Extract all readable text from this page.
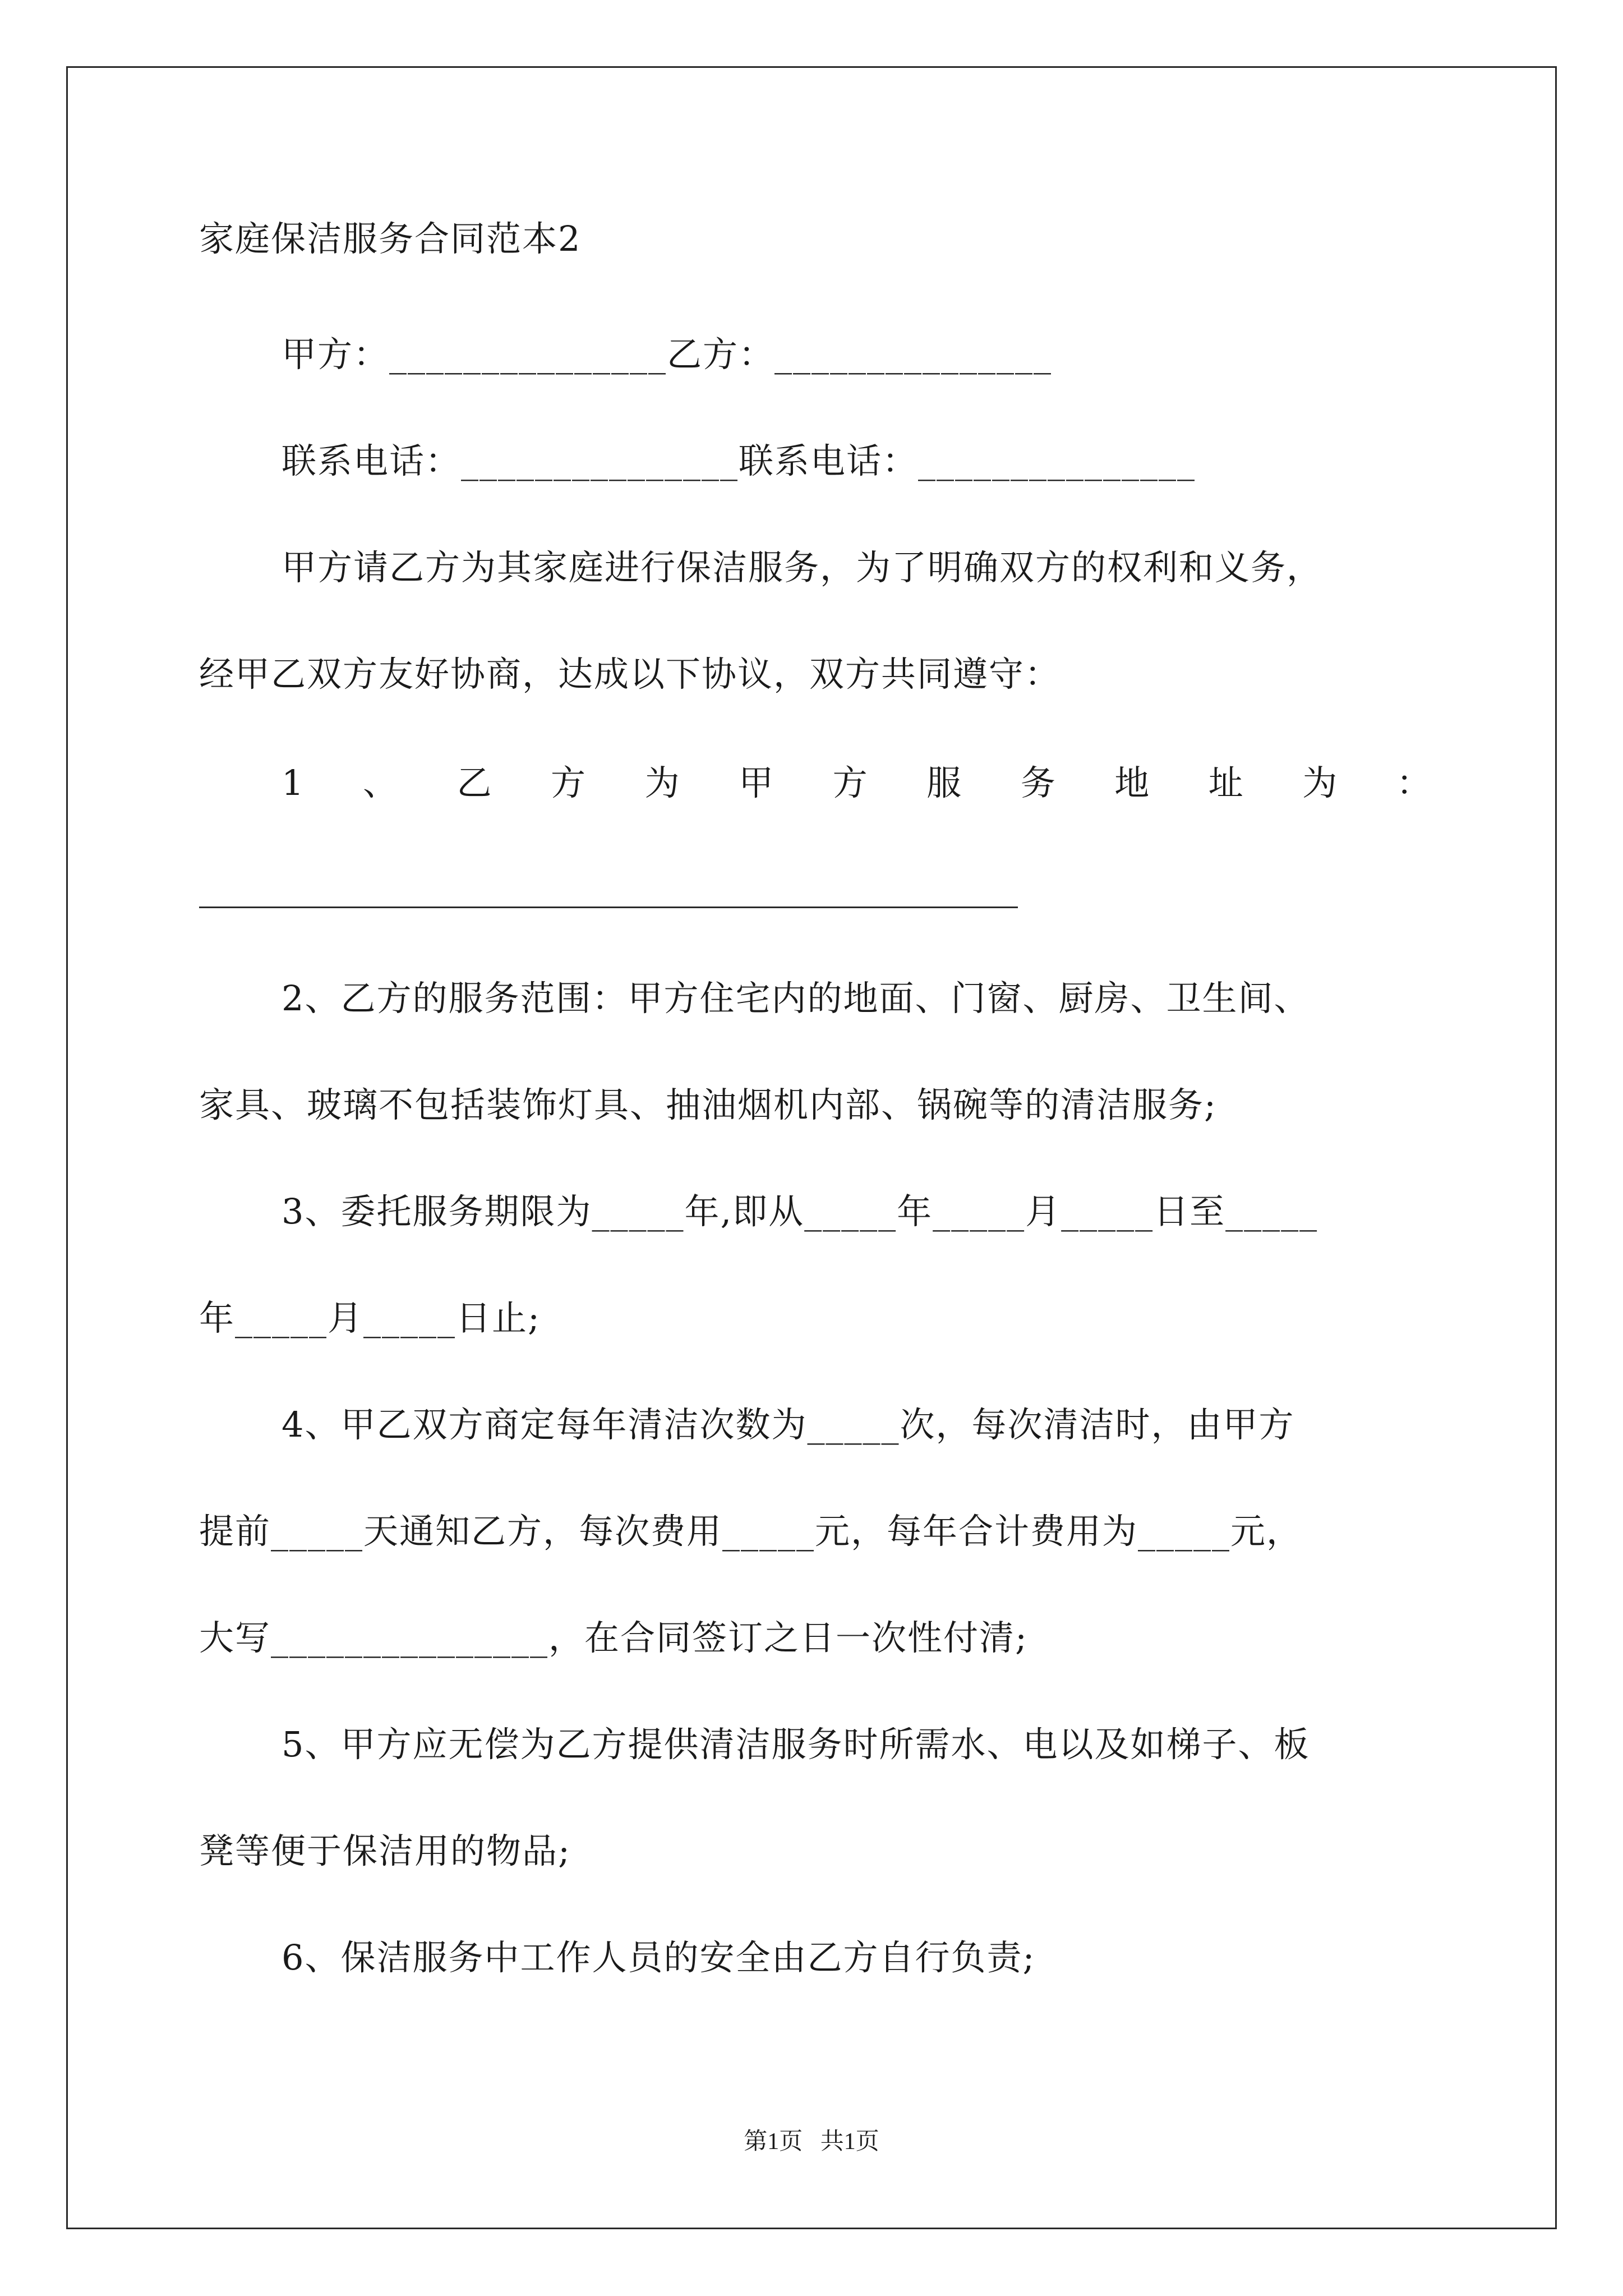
家庭保洁服务合同范本2
甲方：_______________乙方：_______________
联系电话：_______________联系电话：_______________
甲方请乙方为其家庭进行保洁服务，为了明确双方的权利和义务，
经甲乙双方友好协商，达成以下协议，双方共同遵守：
1 、 乙 方 为 甲 方 服 务 地 址 为 ：
2、乙方的服务范围：甲方住宅内的地面、门窗、厨房、卫生间、
家具、玻璃不包括装饰灯具、抽油烟机内部、锅碗等的清洁服务;
3、委托服务期限为_____年,即从_____年_____月_____日至_____
年_____月_____日止;
4、甲乙双方商定每年清洁次数为_____次，每次清洁时，由甲方
提前_____天通知乙方，每次费用_____元，每年合计费用为_____元，
大写_______________，在合同签订之日一次性付清;
5、甲方应无偿为乙方提供清洁服务时所需水、电以及如梯子、板
凳等便于保洁用的物品;
6、保洁服务中工作人员的安全由乙方自行负责;
第1页   共1页
